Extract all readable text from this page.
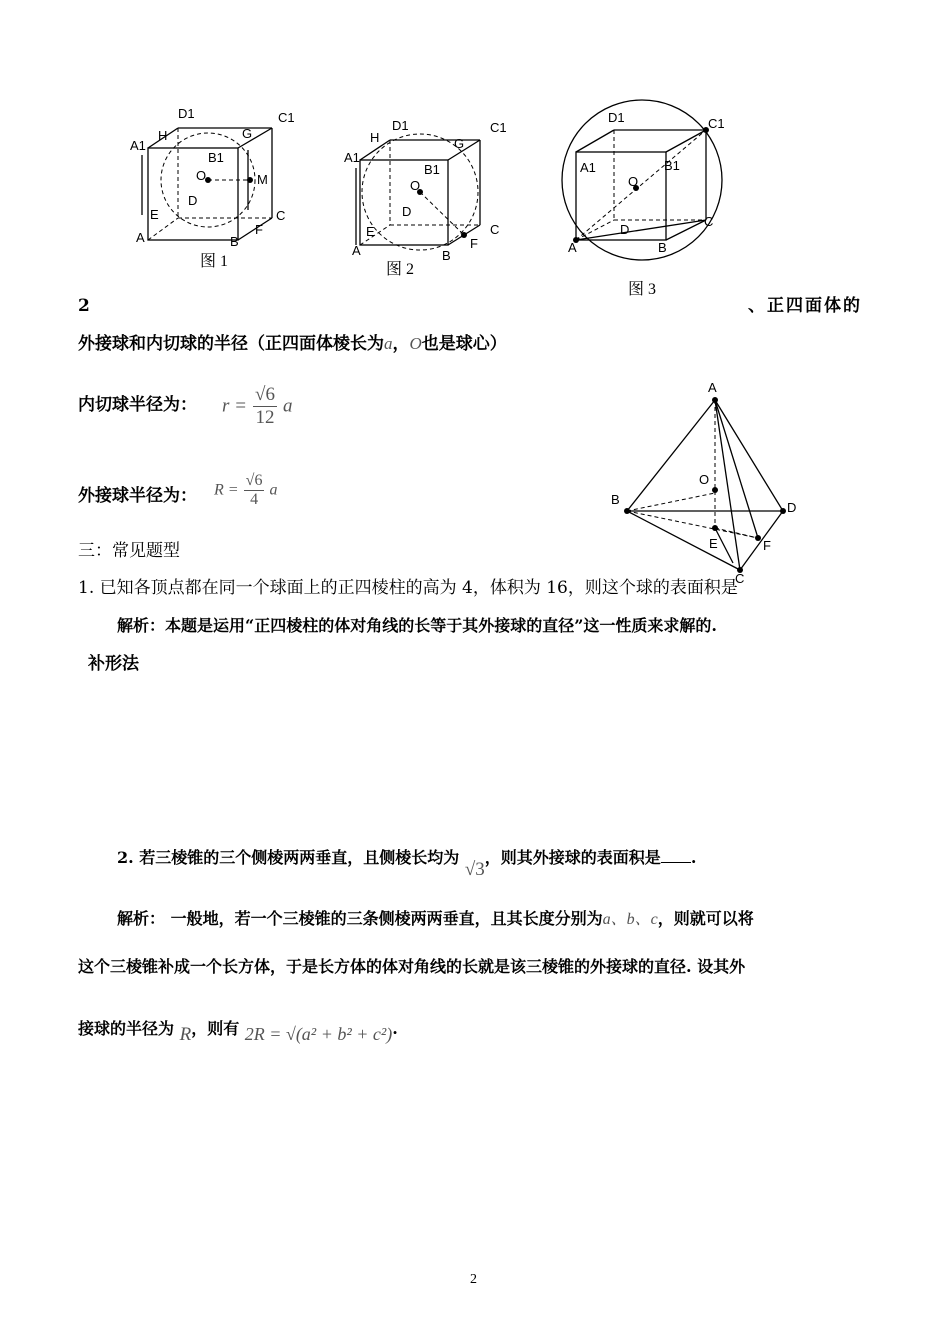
D1	C1
A1
H	G
B1
O	M
D
E	C
F
A	B
图 1
D1	C1
H
A1
G
B1
O
D
E	C
F
A	B
图 2
D1	C1
A1	B1
O
D
C
A	B
图 3
A
O
B
D
E	F
C
2	、正四面体的
外接球和内切球的半径（正四面体棱长为a，O也是球心）
内切球半径为： $r = \frac{√6}{12}$ a
外接球半径为： $R = \frac{√6}{4}$ a
三：常见题型
1. 已知各顶点都在同一个球面上的正四棱柱的高为 4，体积为 16，则这个球的表面积是
解析：本题是运用“正四棱柱的体对角线的长等于其外接球的直径”这一性质来求解的.
补形法
2. 若三棱锥的三个侧棱两两垂直，且侧棱长均为 √3，则其外接球的表面积是 .
解析： 一般地，若一个三棱锥的三条侧棱两两垂直，且其长度分别为a、b、c，则就可以将
这个三棱锥补成一个长方体，于是长方体的体对角线的长就是该三棱锥的外接球的直径. 设其外
接球的半径为 R，则有 2R = √(a² + b² + c²).
2
